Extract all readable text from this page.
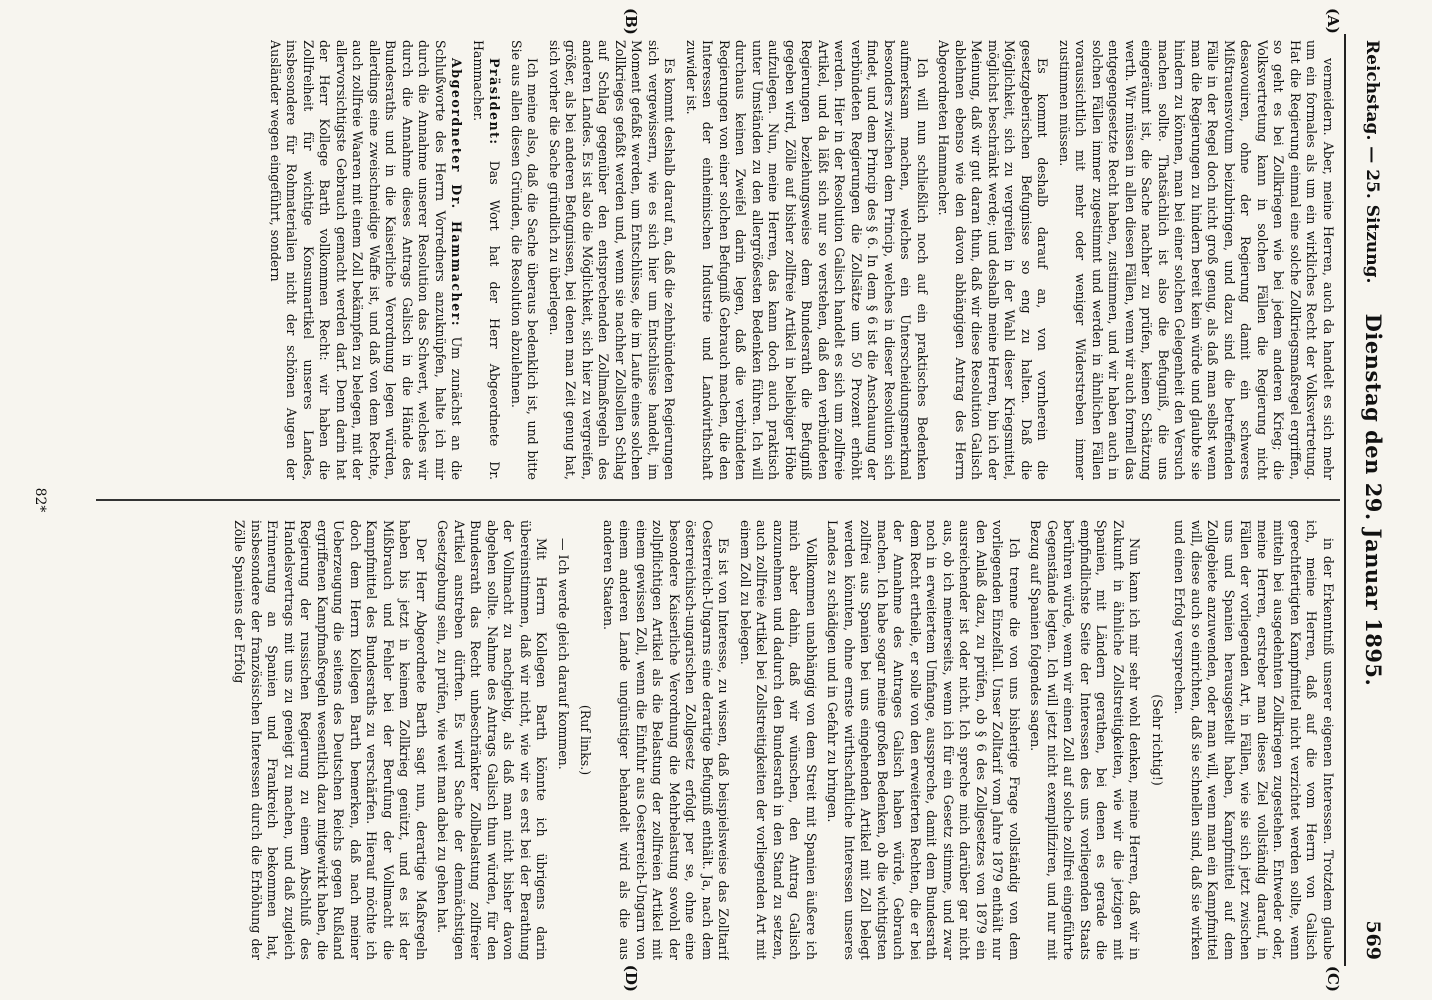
Reichstag. — 25. Sitzung.
Dienstag den 29. Januar 1895.
569
(A)
(B)
(C)
(D)

vermeidern. Aber, meine Herren, auch da handelt es sich mehr um ein formales als um ein wirkliches Recht der Volksvertretung. Hat die Regierung einmal eine solche Zollkriegsmaßregel ergriffen, so geht es bei Zollkriegen wie bei jedem anderen Krieg; die Volksvertretung kann in solchen Fällen die Regierung nicht desavouiren, ohne der Regierung damit ein schweres Mißtrauensvotum beizubringen, und dazu sind die betreffenden Fälle in der Regel doch nicht groß genug, als daß man selbst wenn man die Regierungen zu hindern bereit kein würde und glaubte sie hindern zu können, man bei einer solchen Gelegenheit den Versuch machen sollte. Thatsächlich ist also die Befugniß, die uns eingeräumt ist, die Sache nachher zu prüfen, keinen Schätzung werth. Wir müssen in allen diesen Fällen, wenn wir auch formell das entgegengesetzte Recht haben, zustimmen, und wir haben auch in solchen Fällen immer zugestimmt und werden in ähnlichen Fällen voraussichtlich mit mehr oder weniger Widerstreben immer zustimmen müssen.

Es kommt deshalb darauf an, von vornherein die gesetzgeberischen Befugnisse so eng zu halten. Daß die Möglichkeit, sich zu vergreifen in der Wahl dieser Kriegsmittel, möglichst beschränkt werde; und deshalb meine Herren, bin ich der Meinung, daß wir gut daran thun, daß wir diese Resolution Galisch ablehnen ebenso wie den davon abhängigen Antrag des Herrn Abgeordneten Hammacher.

Ich will nun schließlich noch auf ein praktisches Bedenken aufmerksam machen, welches ein Unterscheidungsmerkmal besonders zwischen dem Princip, welches in dieser Resolution sich findet, und dem Princip des § 6. In dem § 6 ist die Anschauung der verbündeten Regierungen die Zollsätze um 50 Prozent erhöht werden. Hier in der Resolution Galisch handelt es sich um zollfreie Artikel, und da läßt sich nur so verstehen, daß den verbündeten Regierungen beziehungsweise dem Bundesrath die Befugniß gegeben wird, Zölle auf bisher zollfreie Artikel in beliebiger Höhe aufzulegen. Nun, meine Herren, das kann doch auch praktisch unter Umständen zu den allergrößesten Bedenken führen. Ich will durchaus keinen Zweifel darin legen, daß die verbündeten Regierungen von einer solchen Befugniß Gebrauch machen, die den Interessen der einheimischen Industrie und Landwirthschaft zuwider ist.

Es kommt deshalb darauf an, daß die zehnbündeten Regierungen sich vergewissern, wie es sich hier um Entschlüsse handelt, im Moment gefaßt werden, um Entschlüsse, die im Laufe eines solchen Zollkrieges gefaßt werden und, wenn sie nachher Zollsollen Schlag auf Schlag gegenüber den entsprechenden Zollmaßregeln des anderen Landes. Es ist also die Möglichkeit, sich hier zu vergreifen, größer, als bei anderen Befugnissen, bei denen man Zeit genug hat, sich vorher die Sache gründlich zu überlegen.

Ich meine also, daß die Sache überaus bedenklich ist, und bitte Sie aus allen diesen Gründen, die Resolution abzulehnen.

Präsident: Das Wort hat der Herr Abgeordnete Dr. Hammacher.

Abgeordneter Dr. Hammacher: Um zunächst an die Schlußworte des Herrn Vorredners anzuknüpfen, halte ich mir durch die Annahme unserer Resolution das Schwert, welches wir durch die Annahme dieses Antrags Galisch in die Hände des Bundesraths und in die Kaiserliche Verordnung legen würden, allerdings eine zweischneidige Waffe ist, und daß von dem Rechte, auch zollfreie Waaren mit einem Zoll bekämpfen zu belegen, mit der allervorsichtigste Gebrauch gemacht werden darf. Denn darin hat der Herr Kollege Barth vollkommen Recht: wir haben die Zollfreiheit für wichtige Konsumartikel unseres Landes, insbesondere für Rohmaterialien nicht der schönen Augen der Ausländer wegen eingeführt, sondern

in der Erkenntniß unserer eigenen Interessen. Trotzdem glaube ich, meine Herren, daß auf die vom Herrn von Galisch gerechtfertigten Kampfmittel nicht verzichtet werden sollte, wenn mitteln bei ausgedehnten Zollkriegen zugestehen. Entweder oder, meine Herren, erstreber man dieses Ziel vollständig darauf, in Fällen der vorliegenden Art, in Fällen, wie sie sich jetzt zwischen uns und Spanien herausgestellt haben, Kampfmittel auf dem Zollgebiete anzuwenden, oder man will, wenn man ein Kampfmittel will, diese auch so einrichten, daß sie schnellen sind, daß sie wirken und einen Erfolg versprechen.

(Sehr richtig!)

Nun kann ich mir sehr wohl denken, meine Herren, daß wir in Zukunft in ähnliche Zollstreitigkeiten, wie wir die jetzigen mit Spanien, mit Ländern gerathen, bei denen es gerade die empfindlichste Seite der Interessen des uns vorliegenden Staats berühren würde, wenn wir einen Zoll auf solche zollfrei eingeführte Gegenstände legten. Ich will jetzt nicht exemplifiziren, und nur mit Bezug auf Spanien folgendes sagen.

Ich trenne die von uns bisherige Frage vollständig von dem vorliegenden Einzelfall. Unser Zolltarif vom Jahre 1879 enthält nur den Anlaß dazu, zu prüfen, ob § 6 des Zollgesetzes von 1879 ein ausreichender ist oder nicht. Ich spreche mich darüber gar nicht aus, ob ich meinerseits, wenn ich für ein Gesetz stimme, und zwar noch in erweitertem Umfange, ausspreche, damit dem Bundesrath dem Recht ertheile, er solle von den erweiterten Rechten, die er bei der Annahme des Antrages Galisch haben würde, Gebrauch machen. Ich habe sogar meine großen Bedenken, ob die wichtigsten zollfrei aus Spanien bei uns eingehenden Artikel mit Zoll belegt werden könnten, ohne ernste wirthschaftliche Interessen unseres Landes zu schädigen und in Gefahr zu bringen.

Vollkommen unabhängig von dem Streit mit Spanien äußere ich mich aber dahin, daß wir wünschen, den Antrag Galisch anzunehmen und dadurch den Bundesrath in den Stand zu setzen, auch zollfreie Artikel bei Zollstreitigkeiten der vorliegenden Art mit einem Zoll zu belegen.

Es ist von Interesse, zu wissen, daß beispielsweise das Zolltarif Oesterreich-Ungarns eine derartige Befugniß enthält. Ja, nach dem österreichisch-ungarischen Zollgesetz erfolgt per se, ohne eine besondere Kaiserliche Verordnung die Mehrbelastung sowohl der zollpflichtigen Artikel als die Belastung der zollfreien Artikel mit einem gewissen Zoll, wenn die Einfuhr aus Oesterreich-Ungarn von einem anderen Lande ungünstiger behandelt wird als die aus anderen Staaten.

(Ruf links.)

— Ich werde gleich darauf kommen.

Mit Herrn Kollegen Barth könnte ich übrigens darin übereinstimmen, daß wir nicht, wie wir es erst bei der Berathung der Vollmacht zu nachgiebig, als daß man nicht bisher davon abgehen sollte. Nahme des Antrags Galisch thun würden, für den Bundesrath das Recht unbeschränkter Zollbelastung zollfreier Artikel anstreben dürften. Es wird Sache der demnächstigen Gesetzgebung sein, zu prüfen, wie weit man dabei zu gehen hat.

Der Herr Abgeordnete Barth sagt nun, derartige Maßregeln haben bis jetzt in keinem Zollkrieg genützt, und es ist der Mißbrauch und Fehler bei der Berufung der Vollmacht die Kampfmittel des Bundesraths zu verschärfen. Hierauf möchte ich doch dem Herrn Kollegen Barth bemerken, daß nach meiner Ueberzeugung die seitens des Deutschen Reichs gegen Rußland ergriffenen Kampfmaßregeln wesentlich dazu mitgewirkt haben, die Regierung der russischen Regierung zu einem Abschluß des Handelsvertrags mit uns zu geneigt zu machen, und daß zugleich Erinnerung an Spanien und Frankreich bekommen hat, insbesondere der französischen Interessen durch die Erhöhung der Zölle Spaniens der Erfolg

82*
